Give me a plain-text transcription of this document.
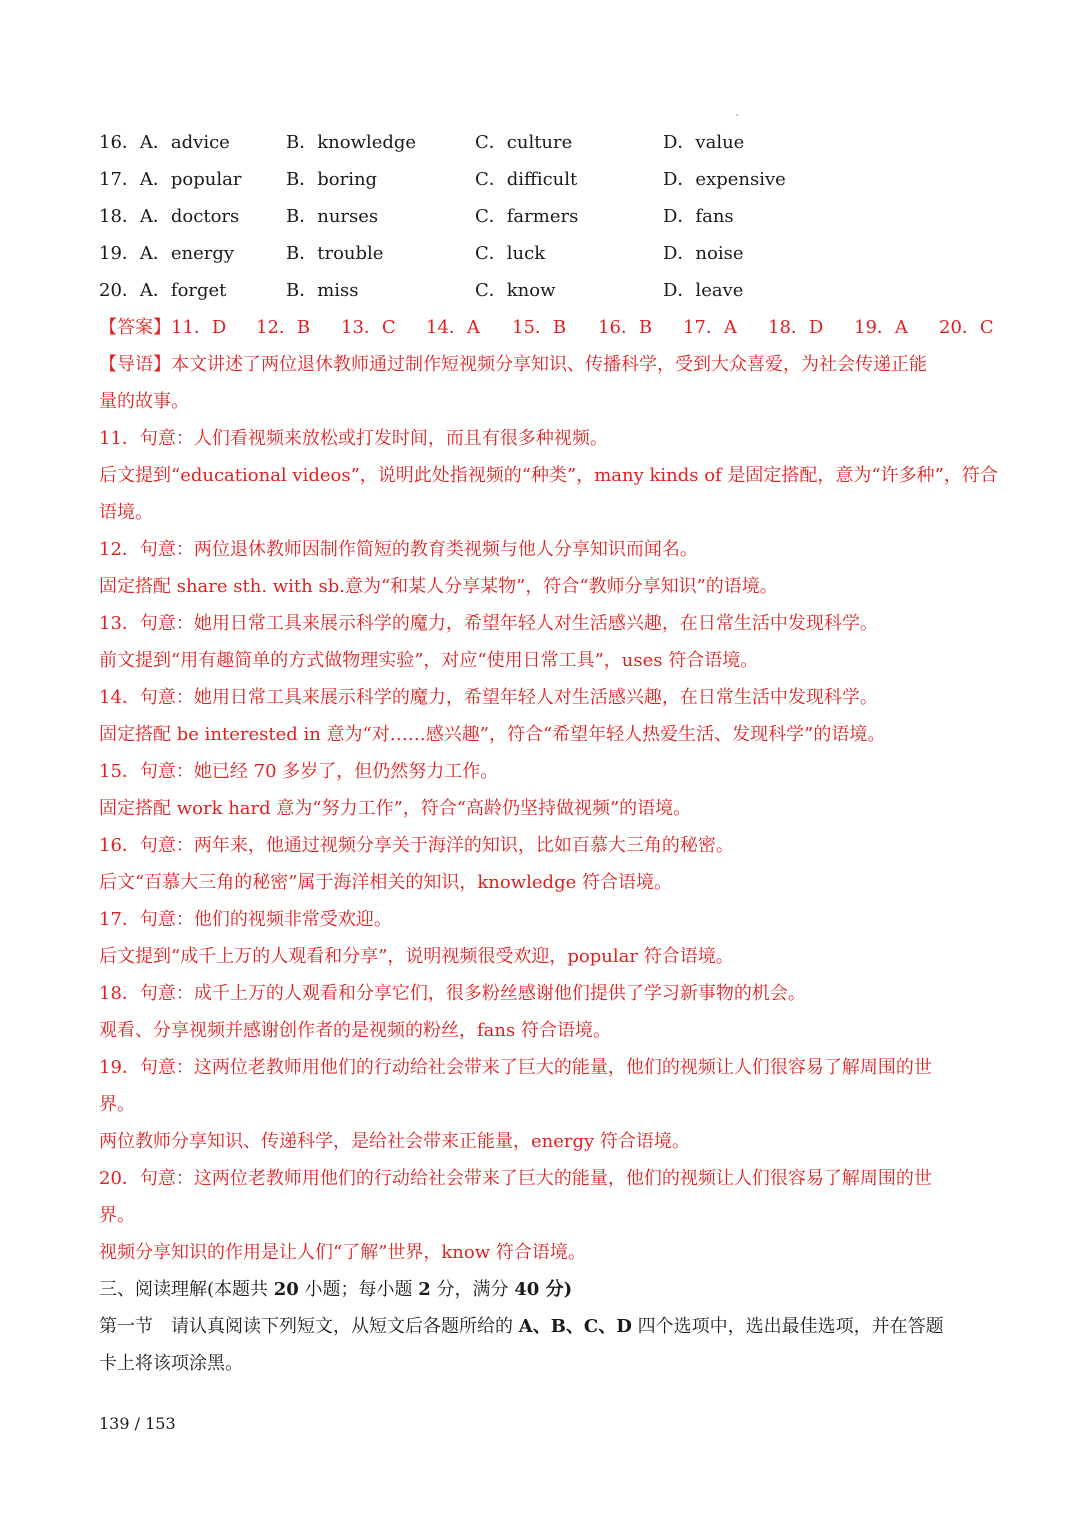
16．A．advice	B．knowledge	C．culture	D．value
17．A．popular B．boring	C．difficult	D．expensive
18．A．doctors	B．nurses	C．farmers	D．fans
19．A．energy	B．trouble	C．luck	D．noise
20．A．forget	B．miss	C．know	D．leave
【答案】11．D 12．B 13．C 14．A 15．B 16．B 17．A 18．D 19．A 20．C
【导语】本文讲述了两位退休教师通过制作短视频分享知识、传播科学，受到大众喜爱，为社会传递正能
量的故事。
11．句意：人们看视频来放松或打发时间，而且有很多种视频。
后文提到“educational videos”，说明此处指视频的“种类”，many kinds of 是固定搭配，意为“许多种”，符合
语境。
12．句意：两位退休教师因制作简短的教育类视频与他人分享知识而闻名。
固定搭配 share sth. with sb.意为“和某人分享某物”，符合“教师分享知识”的语境。
13．句意：她用日常工具来展示科学的魔力，希望年轻人对生活感兴趣，在日常生活中发现科学。
前文提到“用有趣简单的方式做物理实验”，对应“使用日常工具”，uses 符合语境。
14．句意：她用日常工具来展示科学的魔力，希望年轻人对生活感兴趣，在日常生活中发现科学。
固定搭配 be interested in 意为“对……感兴趣”，符合“希望年轻人热爱生活、发现科学”的语境。
15．句意：她已经 70 多岁了，但仍然努力工作。
固定搭配 work hard 意为“努力工作”，符合“高龄仍坚持做视频”的语境。
16．句意：两年来，他通过视频分享关于海洋的知识，比如百慕大三角的秘密。
后文“百慕大三角的秘密”属于海洋相关的知识，knowledge 符合语境。
17．句意：他们的视频非常受欢迎。
后文提到“成千上万的人观看和分享”，说明视频很受欢迎，popular 符合语境。
18．句意：成千上万的人观看和分享它们，很多粉丝感谢他们提供了学习新事物的机会。
观看、分享视频并感谢创作者的是视频的粉丝，fans 符合语境。
19．句意：这两位老教师用他们的行动给社会带来了巨大的能量，他们的视频让人们很容易了解周围的世
界。
两位教师分享知识、传递科学，是给社会带来正能量，energy 符合语境。
20．句意：这两位老教师用他们的行动给社会带来了巨大的能量，他们的视频让人们很容易了解周围的世
界。
视频分享知识的作用是让人们“了解”世界，know 符合语境。
三、阅读理解(本题共 20 小题；每小题 2 分，满分 40 分)
第一节　请认真阅读下列短文，从短文后各题所给的 A、B、C、D 四个选项中，选出最佳选项，并在答题
卡上将该项涂黑。
139 / 153
